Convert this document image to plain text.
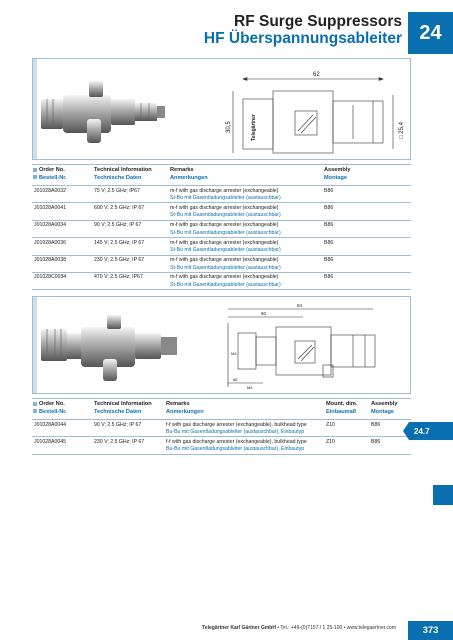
RF Surge Suppressors
HF Überspannungsableiter 24
Telegärtner
62
30,5	□ 25,4
Order No.
Bestell-Nr.
Technical Information
Technische Daten
Remarks
Anmerkungen
Assembly
Montage
J01028A0032	75 V; 2.5 GHz; IP67	m-f with gas discharge arrester (exchangeable)
St-Bu mit Gasentladungsableiter (austauschbar)
B86
J01028A0041	600 V; 2.5 GHz; IP 67	m-f with gas discharge arrester (exchangeable)
St-Bu mit Gasentladungsableiter (austauschbar)
B86
J01028A0034	90 V; 2.5 GHz; IP 67	m-f with gas discharge arrester (exchangeable)
St-Bu mit Gasentladungsableiter (austauschbar)
B86
J01028A0036	145 V; 2.5 GHz; IP 67	m-f with gas discharge arrester (exchangeable)
St-Bu mit Gasentladungsableiter (austauschbar)
B86
J01028A0038	230 V; 2.5 GHz; IP 67	m-f with gas discharge arrester (exchangeable)
St-Bu mit Gasentladungsableiter (austauschbar)
B86
J01028C0034	470 V; 2.5 GHz; IP67	m-f with gas discharge arrester (exchangeable)
St-Bu mit Gasentladungsableiter (austauschbar)
B86
84
60
M4
68
M4
Order No.
Bestell-Nr.
Technical Information
Technische Daten
Remarks
Anmerkungen
Mount. dim.
Einbaumaß
Assembly
Montage
J01028A0044	90 V; 2.5 GHz; IP 67	f-f with gas discharge arrester (exchangeable), bulkhead type
Bu-Bu mit Gasentladungsableiter (austauschbar), Einbautyp
Z10	B86
J01028A0045	230 V; 2.5 GHz; IP 67	f-f with gas discharge arrester (exchangeable), bulkhead type
Bu-Bu mit Gasentladungsableiter (austauschbar), Einbautyp
Z10	B86
24.7
Telegärtner Karl Gärtner GmbH • Tel.: +49-(0)7157 / 1 25-100 • www.telegaertner.com	373
